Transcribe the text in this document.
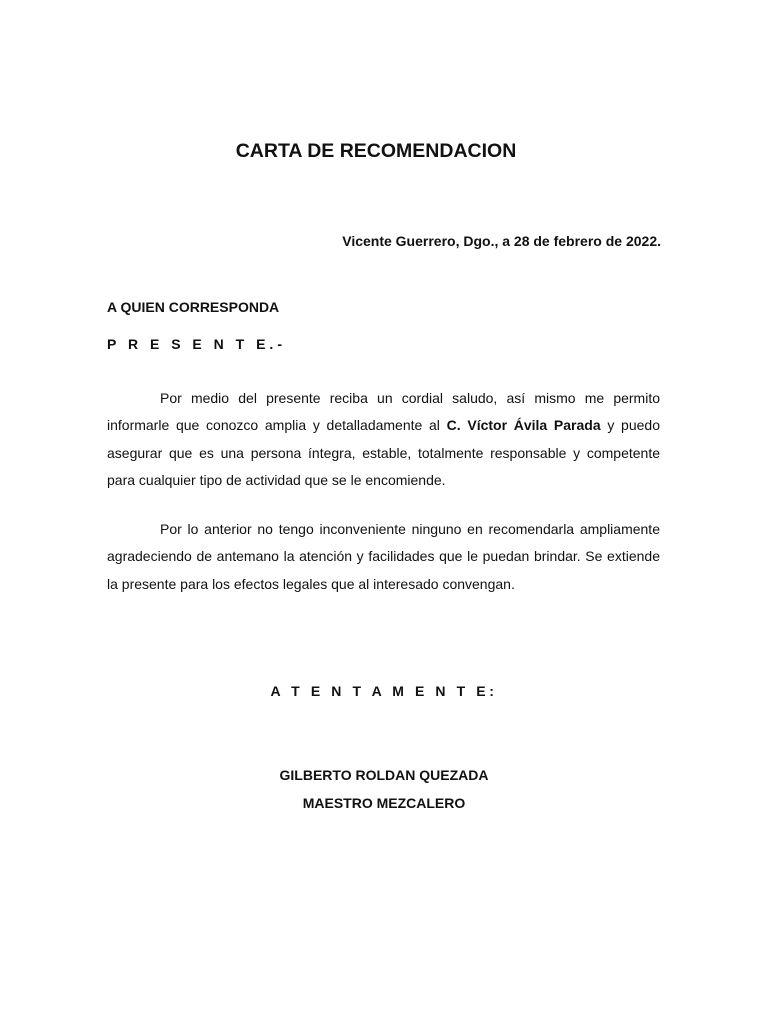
CARTA DE RECOMENDACION
Vicente Guerrero, Dgo., a 28 de febrero de 2022.
A QUIEN CORRESPONDA
P R E S E N T E.-

Por medio del presente reciba un cordial saludo, así mismo me permito informarle que conozco amplia y detalladamente al C. Víctor Ávila Parada y puedo asegurar que es una persona íntegra, estable, totalmente responsable y competente para cualquier tipo de actividad que se le encomiende.

Por lo anterior no tengo inconveniente ninguno en recomendarla ampliamente agradeciendo de antemano la atención y facilidades que le puedan brindar. Se extiende la presente para los efectos legales que al interesado convengan.

A T E N T A M E N T E:
GILBERTO ROLDAN QUEZADA
MAESTRO MEZCALERO
